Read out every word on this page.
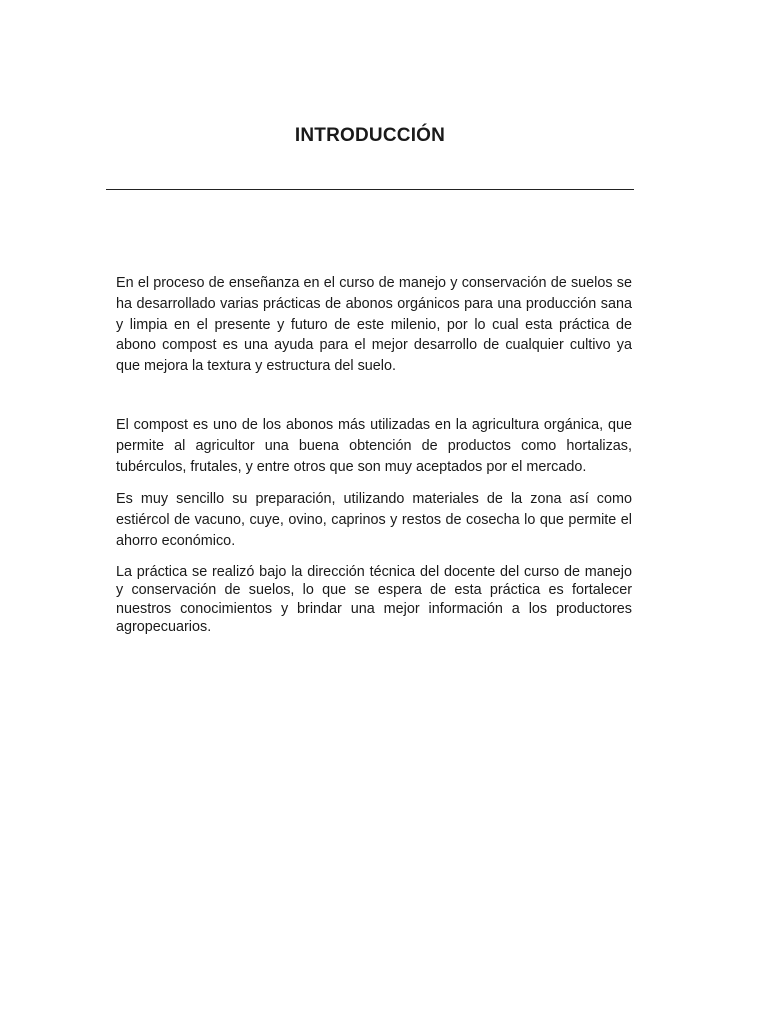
INTRODUCCIÓN

En el proceso de enseñanza en el curso de manejo y conservación de suelos se ha desarrollado varias prácticas de abonos orgánicos para una producción sana y limpia en el presente y futuro de este milenio, por lo cual esta práctica de abono compost es una ayuda para el mejor desarrollo de cualquier cultivo ya que mejora la textura y estructura del suelo.

El compost es uno de los abonos más utilizadas en la agricultura orgánica, que permite al agricultor una buena obtención de productos como hortalizas, tubérculos, frutales, y entre otros que son muy aceptados por el mercado.

Es muy sencillo su preparación, utilizando materiales de la zona así como estiércol de vacuno, cuye, ovino, caprinos y restos de cosecha lo que permite el ahorro económico.

La práctica se realizó bajo la dirección técnica del docente del curso de manejo y conservación de suelos, lo que se espera de esta práctica es fortalecer nuestros conocimientos y brindar una mejor información a los productores agropecuarios.
